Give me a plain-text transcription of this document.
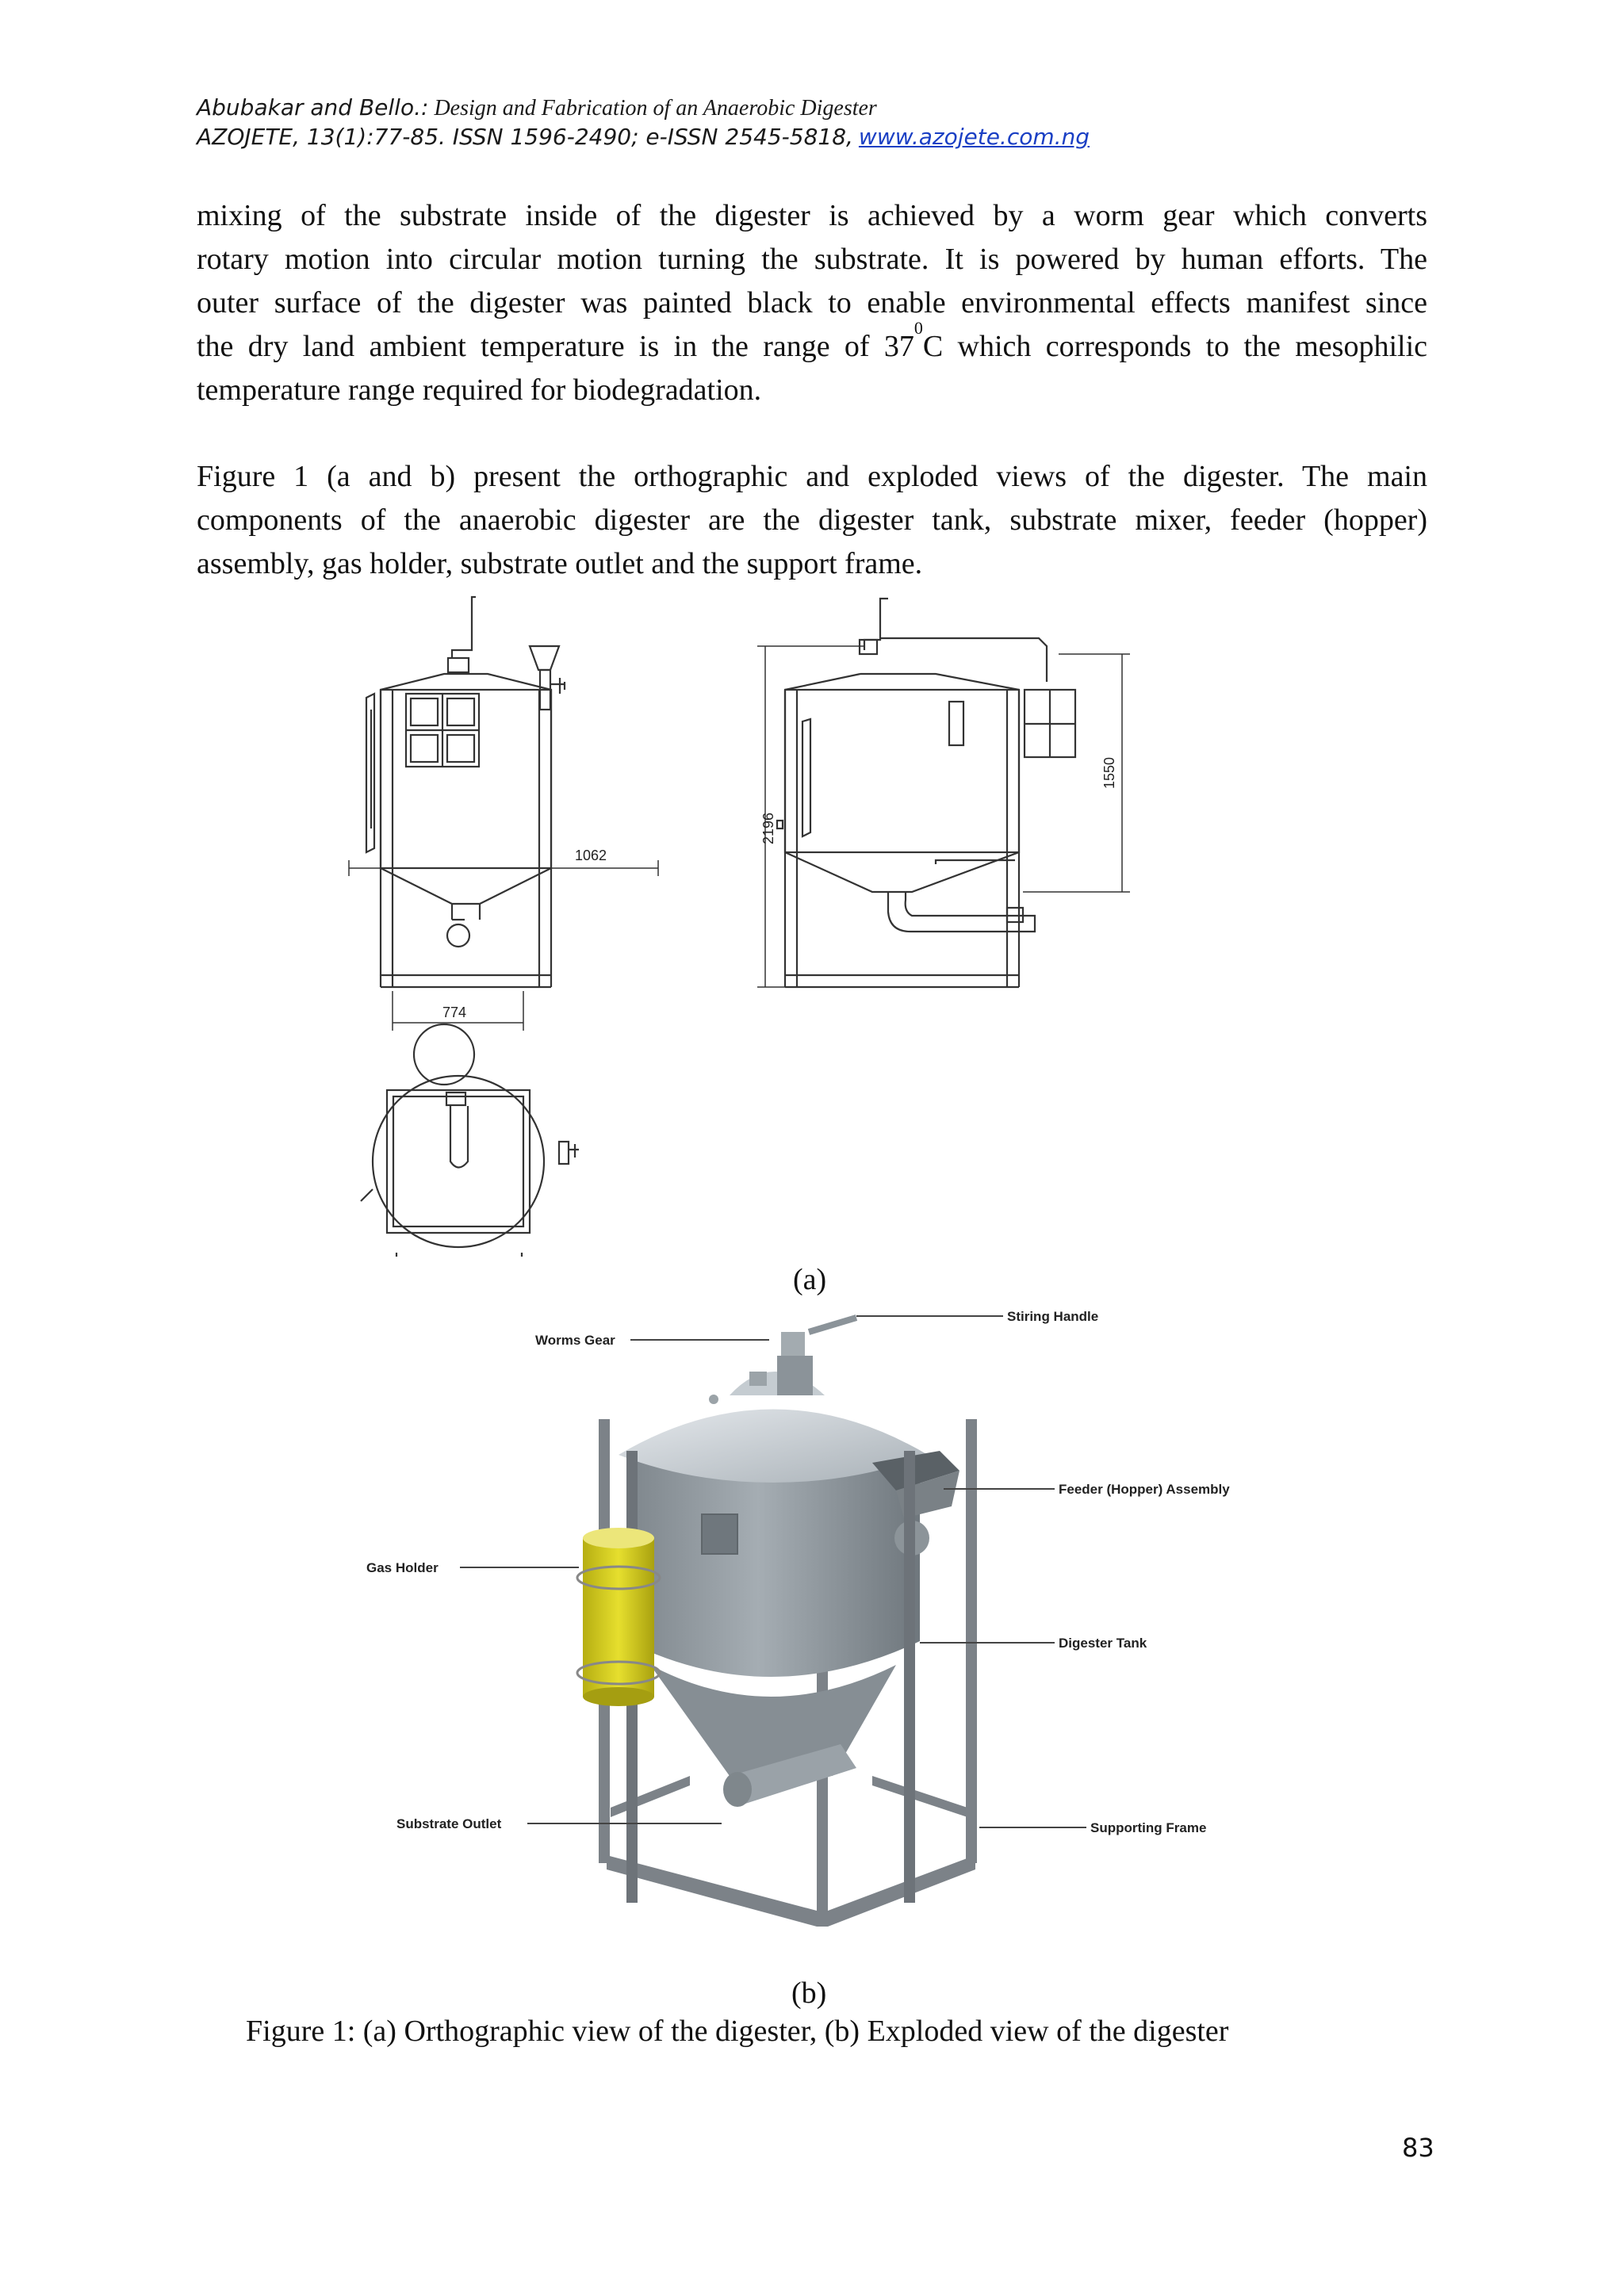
Abubakar and Bello.: Design and Fabrication of an Anaerobic Digester
AZOJETE, 13(1):77-85. ISSN 1596-2490; e-ISSN 2545-5818, www.azojete.com.ng
mixing of the substrate inside of the digester is achieved by a worm gear which converts
rotary motion into circular motion turning the substrate. It is powered by human efforts. The
outer surface of the digester was painted black to enable environmental effects manifest since
the dry land ambient temperature is in the range of $37^0C$ which corresponds to the mesophilic
temperature range required for biodegradation.
Figure 1 (a and b) present the orthographic and exploded views of the digester. The main
components of the anaerobic digester are the digester tank, substrate mixer, feeder (hopper)
assembly, gas holder, substrate outlet and the support frame.
1062
774
2196
1550
(a)
Worms Gear
Stiring Handle
Feeder (Hopper) Assembly
Gas Holder
Digester Tank
Substrate Outlet	Supporting Frame
(b)
Figure 1: (a) Orthographic view of the digester, (b) Exploded view of the digester
83
